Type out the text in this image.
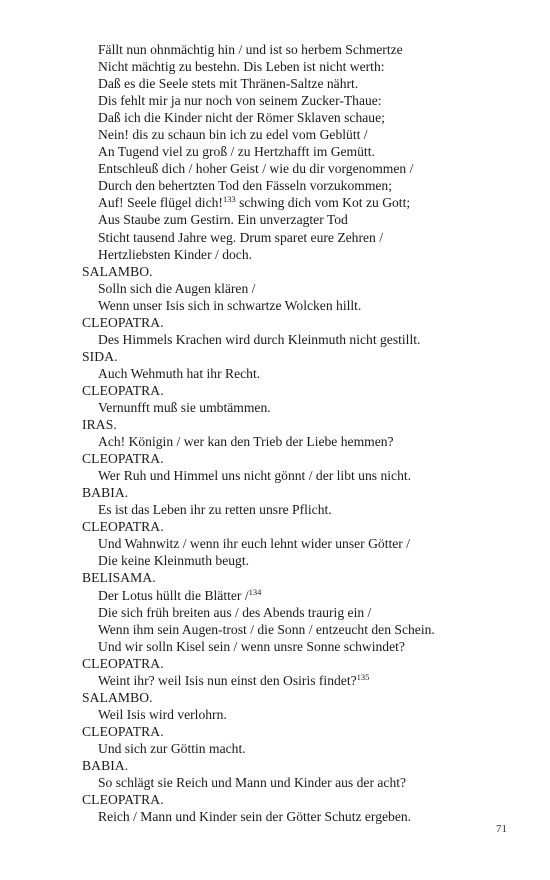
Fällt nun ohnmächtig hin / und ist so herbem Schmertze
Nicht mächtig zu bestehn. Dis Leben ist nicht werth:
Daß es die Seele stets mit Thränen-Saltze nährt.
Dis fehlt mir ja nur noch von seinem Zucker-Thaue:
Daß ich die Kinder nicht der Römer Sklaven schaue;
Nein! dis zu schaun bin ich zu edel vom Geblütt /
An Tugend viel zu groß / zu Hertzhafft im Gemütt.
Entschleuß dich / hoher Geist / wie du dir vorgenommen /
Durch den behertzten Tod den Fässeln vorzukommen;
Auf! Seele flügel dich!$^{133}$ schwing dich vom Kot zu Gott;
Aus Staube zum Gestirn. Ein unverzagter Tod
Sticht tausend Jahre weg. Drum sparet eure Zehren /
Hertzliebsten Kinder / doch.
SALAMBO.
Solln sich die Augen klären /
Wenn unser Isis sich in schwartze Wolcken hillt.
CLEOPATRA.
Des Himmels Krachen wird durch Kleinmuth nicht gestillt.
SIDA.
Auch Wehmuth hat ihr Recht.
CLEOPATRA.
Vernunfft muß sie umbtämmen.
IRAS.
Ach! Königin / wer kan den Trieb der Liebe hemmen?
CLEOPATRA.
Wer Ruh und Himmel uns nicht gönnt / der libt uns nicht.
BABIA.
Es ist das Leben ihr zu retten unsre Pflicht.
CLEOPATRA.
Und Wahnwitz / wenn ihr euch lehnt wider unser Götter /
Die keine Kleinmuth beugt.
BELISAMA.
Der Lotus hüllt die Blätter /$^{134}$
Die sich früh breiten aus / des Abends traurig ein /
Wenn ihm sein Augen-trost / die Sonn / entzeucht den Schein.
Und wir solln Kisel sein / wenn unsre Sonne schwindet?
CLEOPATRA.
Weint ihr? weil Isis nun einst den Osiris findet?$^{135}$
SALAMBO.
Weil Isis wird verlohrn.
CLEOPATRA.
Und sich zur Göttin macht.
BABIA.
So schlägt sie Reich und Mann und Kinder aus der acht?
CLEOPATRA.
Reich / Mann und Kinder sein der Götter Schutz ergeben.
71
